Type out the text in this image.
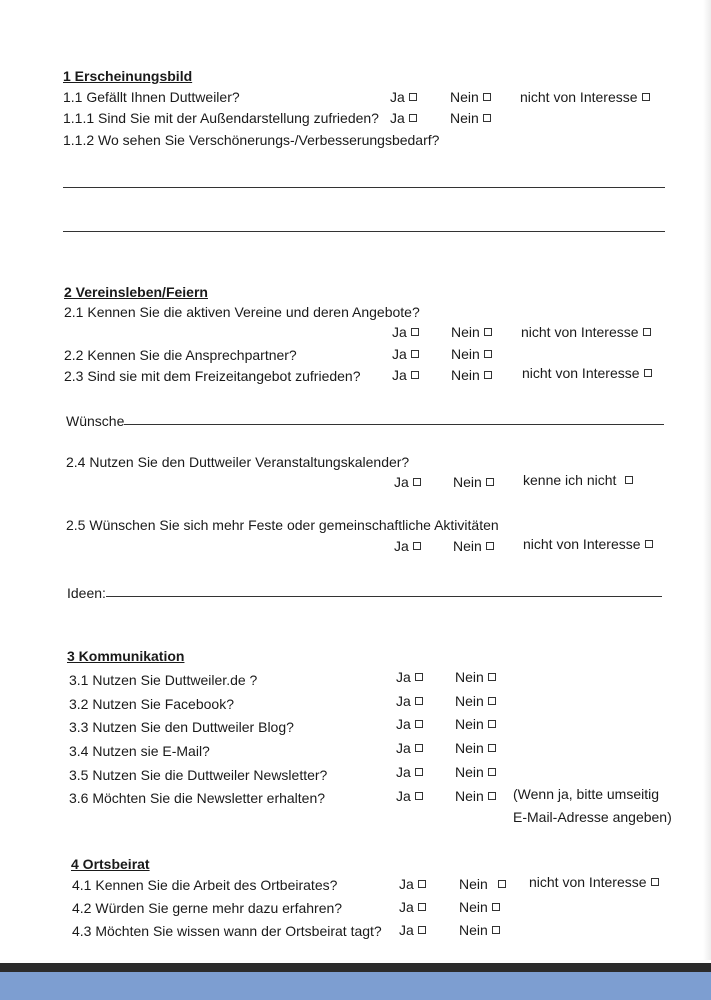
1 Erscheinungsbild
1.1 Gefällt Ihnen Duttweiler?	Ja	Nein	nicht von Interesse
1.1.1 Sind Sie mit der Außendarstellung zufrieden? Ja	Nein
1.1.2 Wo sehen Sie Verschönerungs-/Verbesserungsbedarf?
2 Vereinsleben/Feiern
2.1 Kennen Sie die aktiven Vereine und deren Angebote?
Ja	Nein	nicht von Interesse
2.2 Kennen Sie die Ansprechpartner?	Ja	Nein
2.3 Sind sie mit dem Freizeitangebot zufrieden? Ja	Nein	nicht von Interesse
Wünsche
2.4 Nutzen Sie den Duttweiler Veranstaltungskalender?
Ja	Nein	kenne ich nicht
2.5 Wünschen Sie sich mehr Feste oder gemeinschaftliche Aktivitäten
Ja	Nein	nicht von Interesse
Ideen:
3 Kommunikation
3.1 Nutzen Sie Duttweiler.de ?	Ja	Nein
3.2 Nutzen Sie Facebook?	Ja	Nein
3.3 Nutzen Sie den Duttweiler Blog?	Ja	Nein
3.4 Nutzen sie E-Mail?	Ja	Nein
3.5 Nutzen Sie die Duttweiler Newsletter?	Ja	Nein
3.6 Möchten Sie die Newsletter erhalten?	Ja	Nein	(Wenn ja, bitte umseitig
E-Mail-Adresse angeben)
4 Ortsbeirat
4.1 Kennen Sie die Arbeit des Ortbeirates?	Ja	Nein	nicht von Interesse
4.2 Würden Sie gerne mehr dazu erfahren?	Ja	Nein
4.3 Möchten Sie wissen wann der Ortsbeirat tagt? Ja	Nein
